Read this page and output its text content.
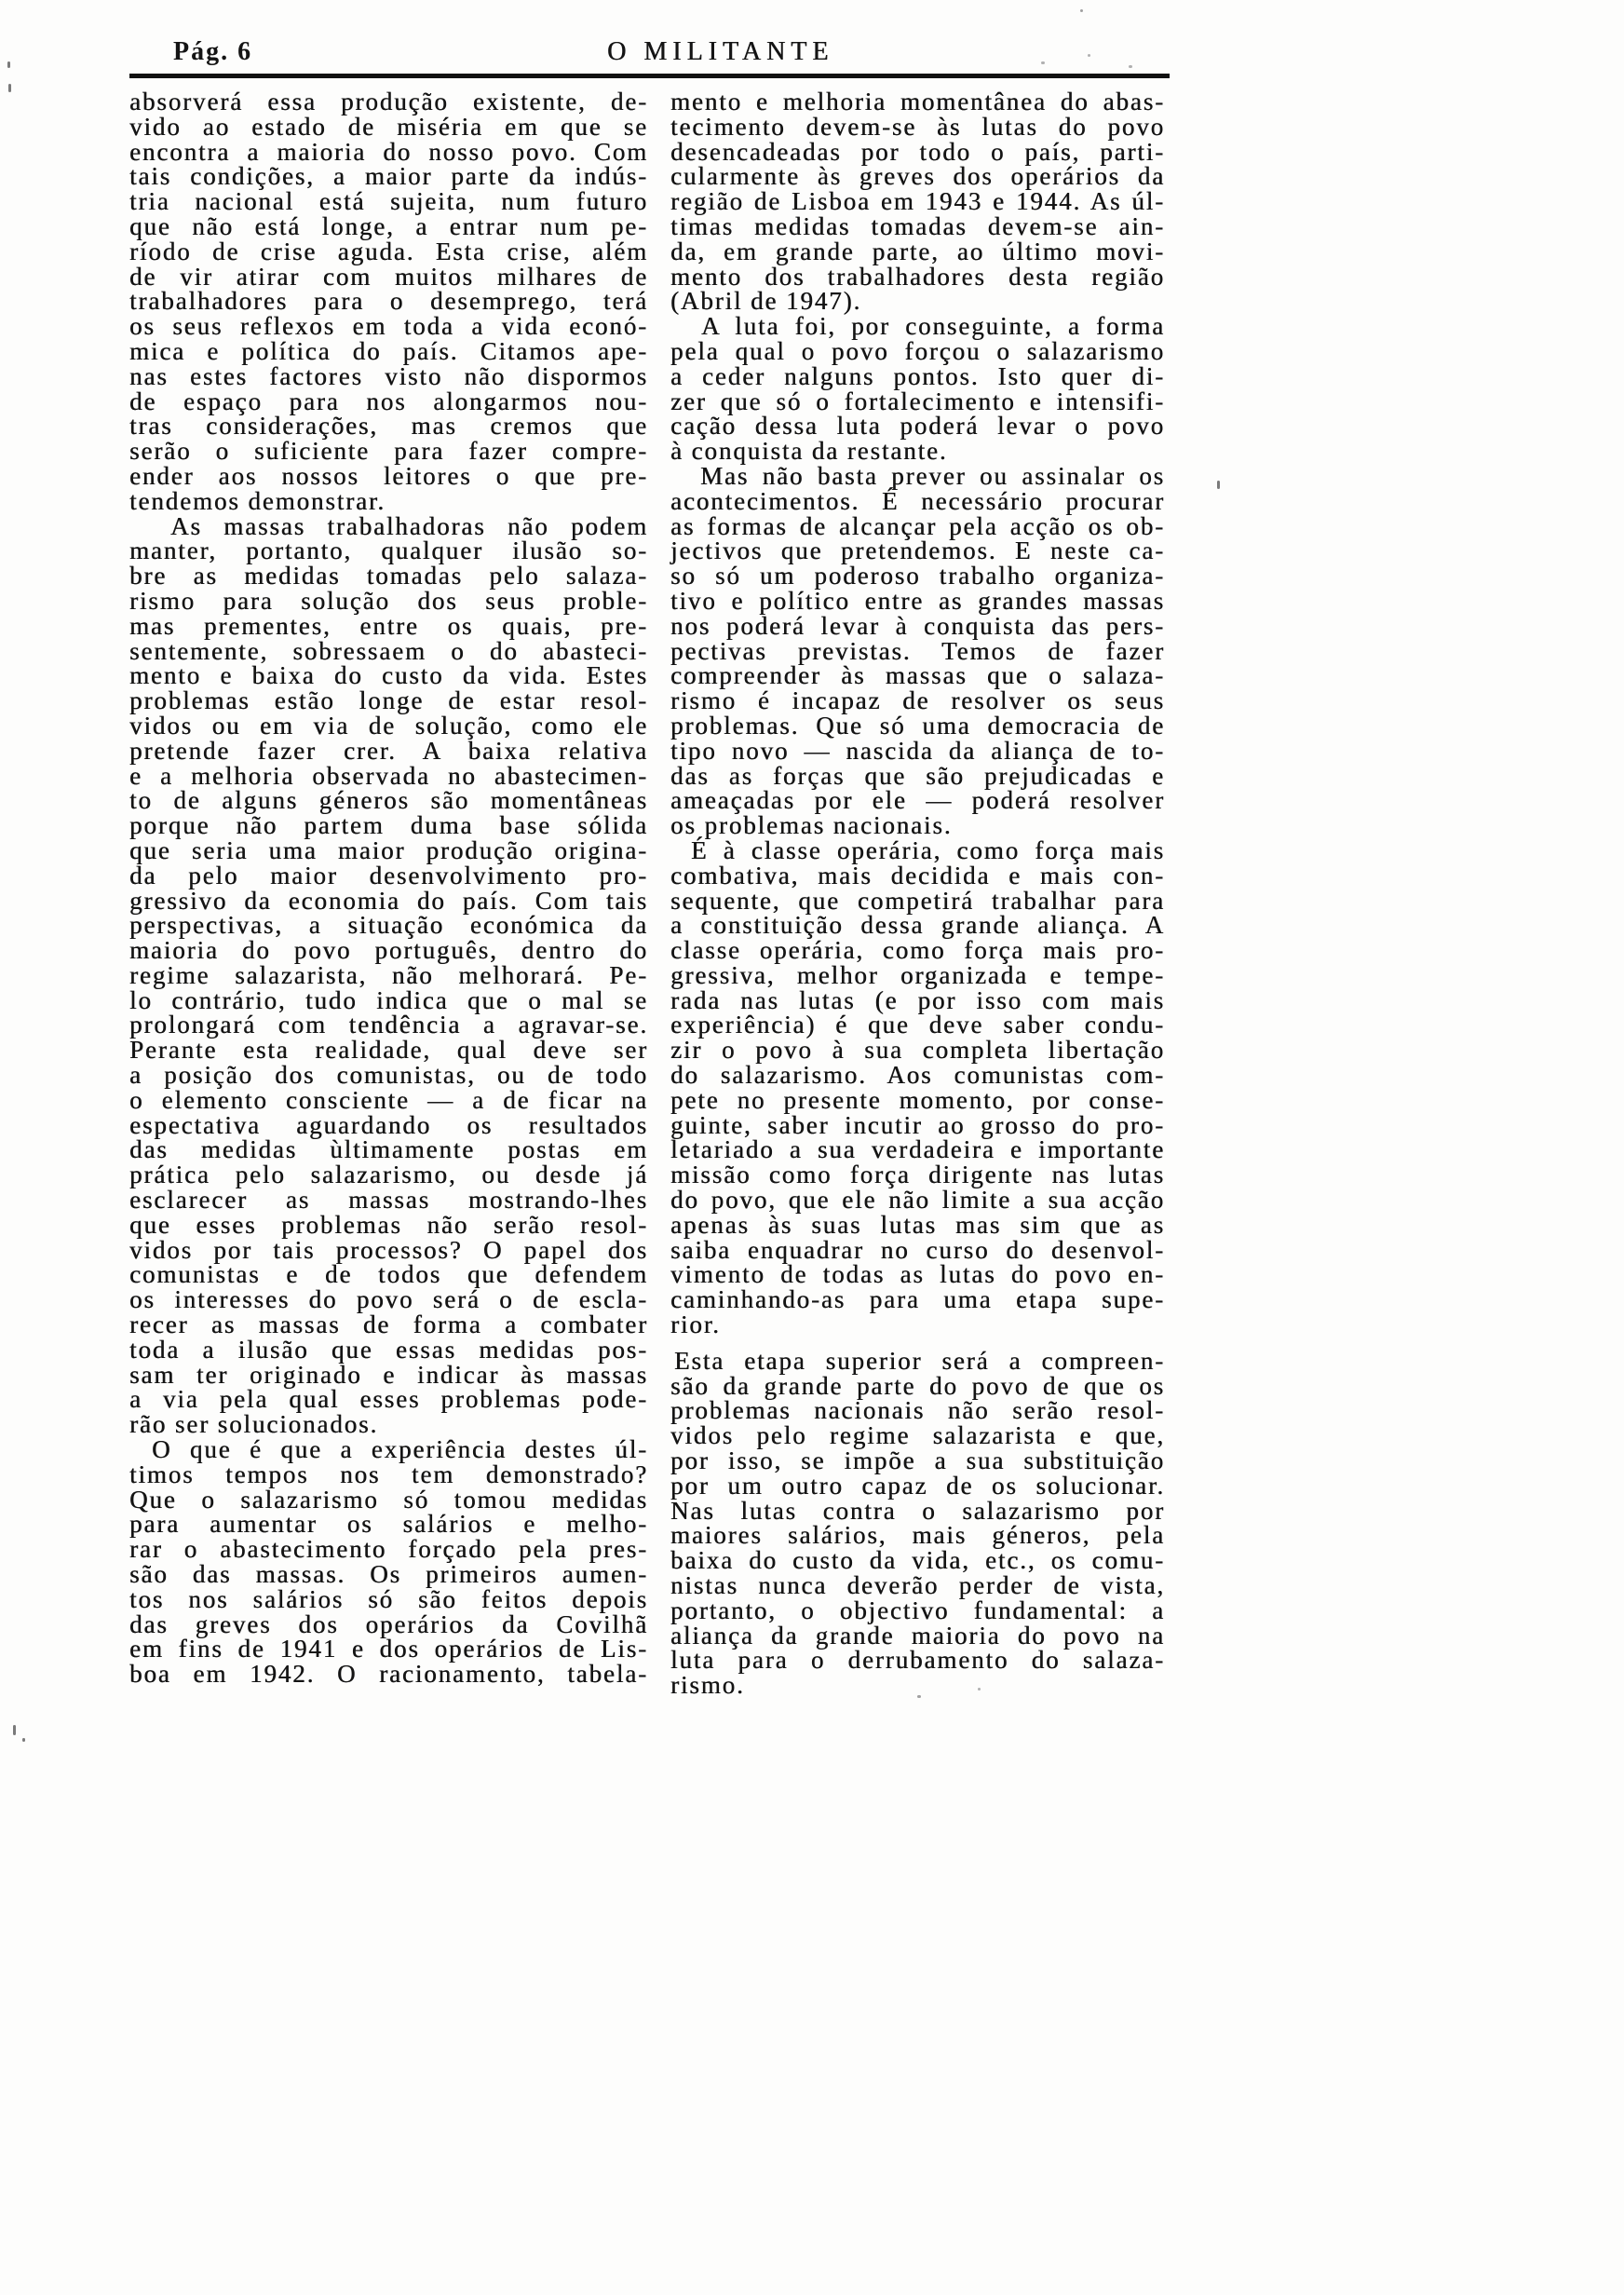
Pág. 6	O MILITANTE
absorverá essa produção existente, de-
vido ao estado de miséria em que se
encontra a maioria do nosso povo. Com
tais condições, a maior parte da indús-
tria nacional está sujeita, num futuro
que não está longe, a entrar num pe-
ríodo de crise aguda. Esta crise, além
de vir atirar com muitos milhares de
trabalhadores para o desemprego, terá
os seus reflexos em toda a vida econó-
mica e política do país. Citamos ape-
nas estes factores visto não dispormos
de espaço para nos alongarmos nou-
tras considerações, mas cremos que
serão o suficiente para fazer compre-
ender aos nossos leitores o que pre-
tendemos demonstrar.
As massas trabalhadoras não podem
manter, portanto, qualquer ilusão so-
bre as medidas tomadas pelo salaza-
rismo para solução dos seus proble-
mas prementes, entre os quais, pre-
sentemente, sobressaem o do abasteci-
mento e baixa do custo da vida. Estes
problemas estão longe de estar resol-
vidos ou em via de solução, como ele
pretende fazer crer. A baixa relativa
e a melhoria observada no abastecimen-
to de alguns géneros são momentâneas
porque não partem duma base sólida
que seria uma maior produção origina-
da pelo maior desenvolvimento pro-
gressivo da economia do país. Com tais
perspectivas, a situação económica da
maioria do povo português, dentro do
regime salazarista, não melhorará. Pe-
lo contrário, tudo indica que o mal se
prolongará com tendência a agravar-se.
Perante esta realidade, qual deve ser
a posição dos comunistas, ou de todo
o elemento consciente — a de ficar na
espectativa aguardando os resultados
das medidas ùltimamente postas em
prática pelo salazarismo, ou desde já
esclarecer as massas mostrando-lhes
que esses problemas não serão resol-
vidos por tais processos? O papel dos
comunistas e de todos que defendem
os interesses do povo será o de escla-
recer as massas de forma a combater
toda a ilusão que essas medidas pos-
sam ter originado e indicar às massas
a via pela qual esses problemas pode-
rão ser solucionados.
O que é que a experiência destes úl-
timos tempos nos tem demonstrado?
Que o salazarismo só tomou medidas
para aumentar os salários e melho-
rar o abastecimento forçado pela pres-
são das massas. Os primeiros aumen-
tos nos salários só são feitos depois
das greves dos operários da Covilhã
em fins de 1941 e dos operários de Lis-
boa em 1942. O racionamento, tabela-
mento e melhoria momentânea do abas-
tecimento devem-se às lutas do povo
desencadeadas por todo o país, parti-
cularmente às greves dos operários da
região de Lisboa em 1943 e 1944. As úl-
timas medidas tomadas devem-se ain-
da, em grande parte, ao último movi-
mento dos trabalhadores desta região
(Abril de 1947).
A luta foi, por conseguinte, a forma
pela qual o povo forçou o salazarismo
a ceder nalguns pontos. Isto quer di-
zer que só o fortalecimento e intensifi-
cação dessa luta poderá levar o povo
à conquista da restante.
Mas não basta prever ou assinalar os
acontecimentos. É necessário procurar
as formas de alcançar pela acção os ob-
jectivos que pretendemos. E neste ca-
so só um poderoso trabalho organiza-
tivo e político entre as grandes massas
nos poderá levar à conquista das pers-
pectivas previstas. Temos de fazer
compreender às massas que o salaza-
rismo é incapaz de resolver os seus
problemas. Que só uma democracia de
tipo novo — nascida da aliança de to-
das as forças que são prejudicadas e
ameaçadas por ele — poderá resolver
os problemas nacionais.
É à classe operária, como força mais
combativa, mais decidida e mais con-
sequente, que competirá trabalhar para
a constituição dessa grande aliança. A
classe operária, como força mais pro-
gressiva, melhor organizada e tempe-
rada nas lutas (e por isso com mais
experiência) é que deve saber condu-
zir o povo à sua completa libertação
do salazarismo. Aos comunistas com-
pete no presente momento, por conse-
guinte, saber incutir ao grosso do pro-
letariado a sua verdadeira e importante
missão como força dirigente nas lutas
do povo, que ele não limite a sua acção
apenas às suas lutas mas sim que as
saiba enquadrar no curso do desenvol-
vimento de todas as lutas do povo en-
caminhando-as para uma etapa supe-
rior.
Esta etapa superior será a compreen-
são da grande parte do povo de que os
problemas nacionais não serão resol-
vidos pelo regime salazarista e que,
por isso, se impõe a sua substituição
por um outro capaz de os solucionar.
Nas lutas contra o salazarismo por
maiores salários, mais géneros, pela
baixa do custo da vida, etc., os comu-
nistas nunca deverão perder de vista,
portanto, o objectivo fundamental: a
aliança da grande maioria do povo na
luta para o derrubamento do salaza-
rismo.
